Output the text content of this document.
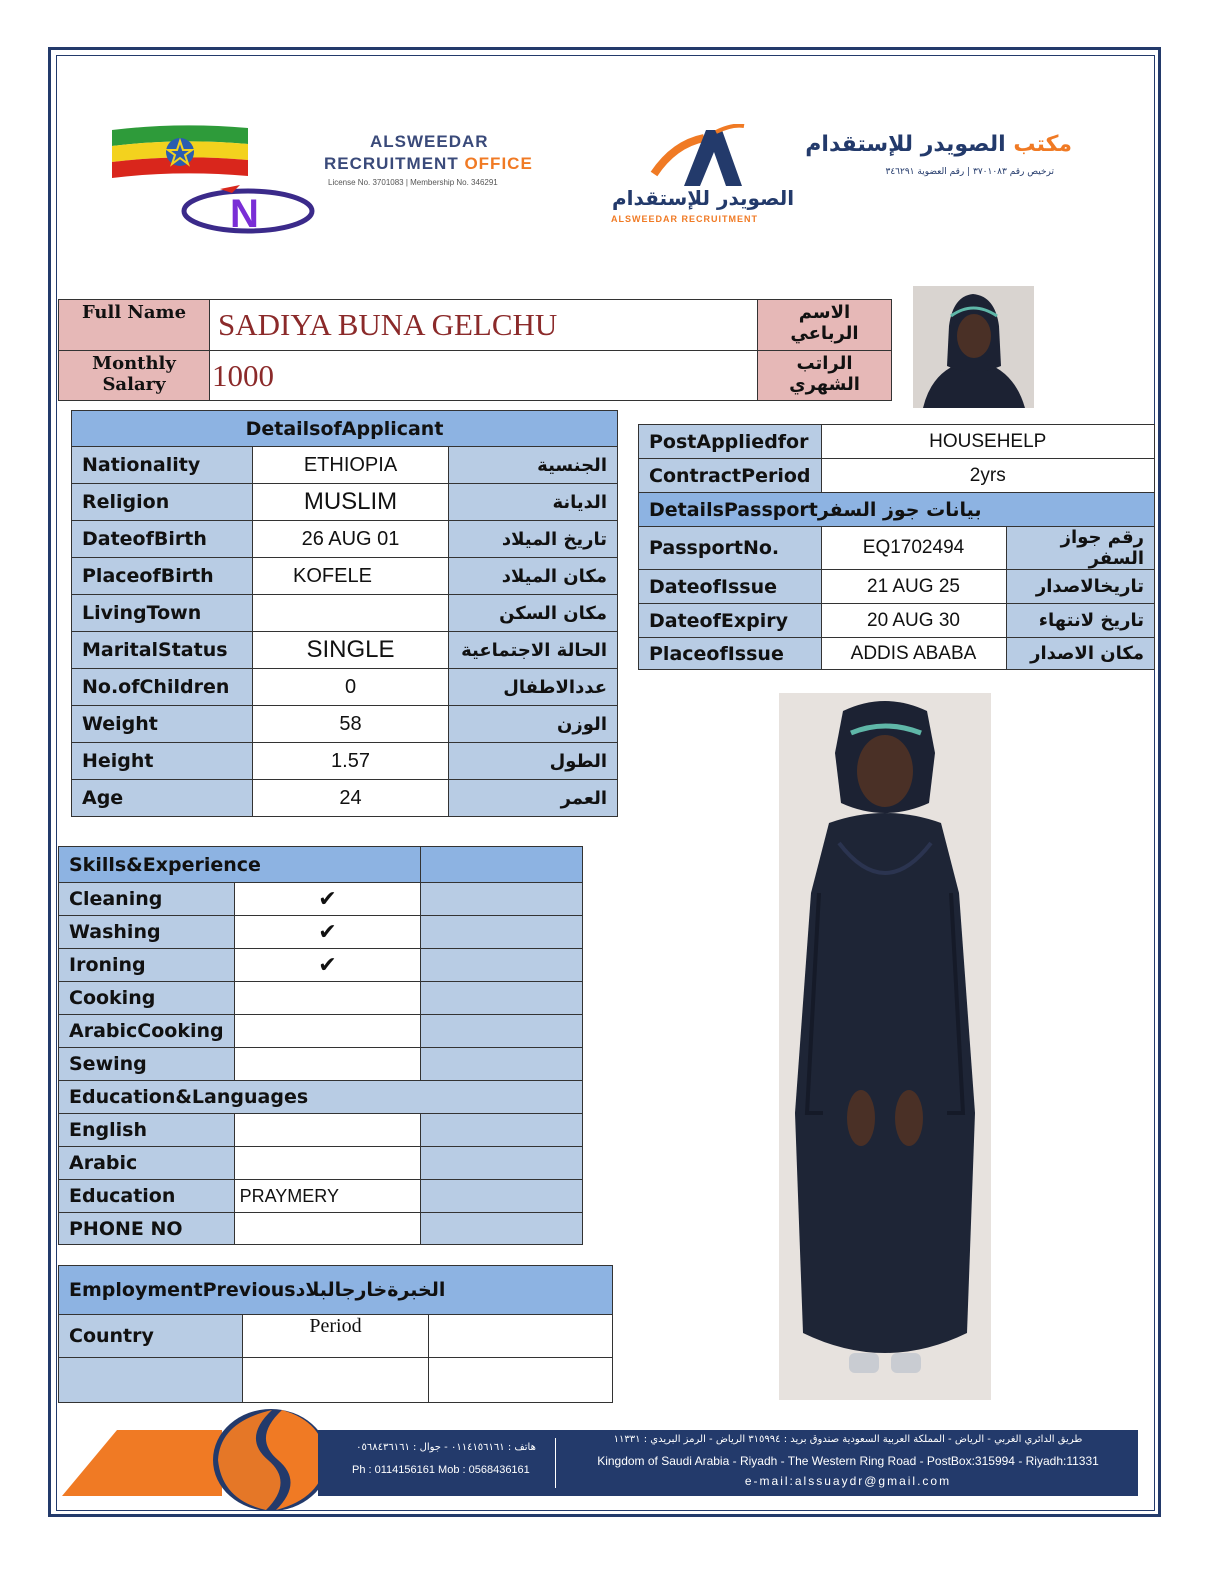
N
ALSWEEDAR
RECRUITMENT OFFICE
License No. 3701083 | Membership No. 346291
الصويدر للإستقدام
ALSWEEDAR RECRUITMENT
مكتب الصويدر للإستقدام
ترخيص رقم ٣٧٠١٠٨٣ | رقم العضوية ٣٤٦٢٩١
Full Name	SADIYA BUNA GELCHU	الاسم الرباعي
Monthly Salary	1000	الراتب الشهري
DetailsofApplicant		
Nationality	ETHIOPIA	الجنسية
Religion	MUSLIM	الديانة
DateofBirth	26 AUG 01	تاريخ الميلاد
PlaceofBirth	KOFELE	مكان الميلاد
LivingTown		مكان السكن
MaritalStatus	SINGLE	الحالة الاجتماعية
No.ofChildren	0	عددالاطفال
Weight	58	الوزن
Height	1.57	الطول
Age	24	العمر
PostAppliedfor	HOUSEHELP	
ContractPeriod	2yrs	
DetailsPassportبيانات جوز السفر		
PassportNo.	EQ1702494	رقم جواز السفر
DateofIssue	21 AUG 25	تاريخالاصدار
DateofExpiry	20 AUG 30	تاريخ لانتهاء
PlaceofIssue	ADDIS ABABA	مكان الاصدار
Skills&Experience		
Cleaning	✔	
Washing	✔	
Ironing	✔	
Cooking		
ArabicCooking		
Sewing		
Education&Languages		
English		
Arabic		
Education	PRAYMERY	
PHONE NO		
EmploymentPreviousالخبرةخارجالبلاد		
Country	Period	

هاتف : ٠١١٤١٥٦١٦١ - جوال : ٠٥٦٨٤٣٦١٦١
Ph : 0114156161 Mob : 0568436161
طريق الدائري الغربي - الرياض - المملكة العربية السعودية صندوق بريد : ٣١٥٩٩٤ الرياض - الرمز البريدي : ١١٣٣١
Kingdom of Saudi Arabia - Riyadh - The Western Ring Road - PostBox:315994 - Riyadh:11331
e-mail:alssuaydr@gmail.com
